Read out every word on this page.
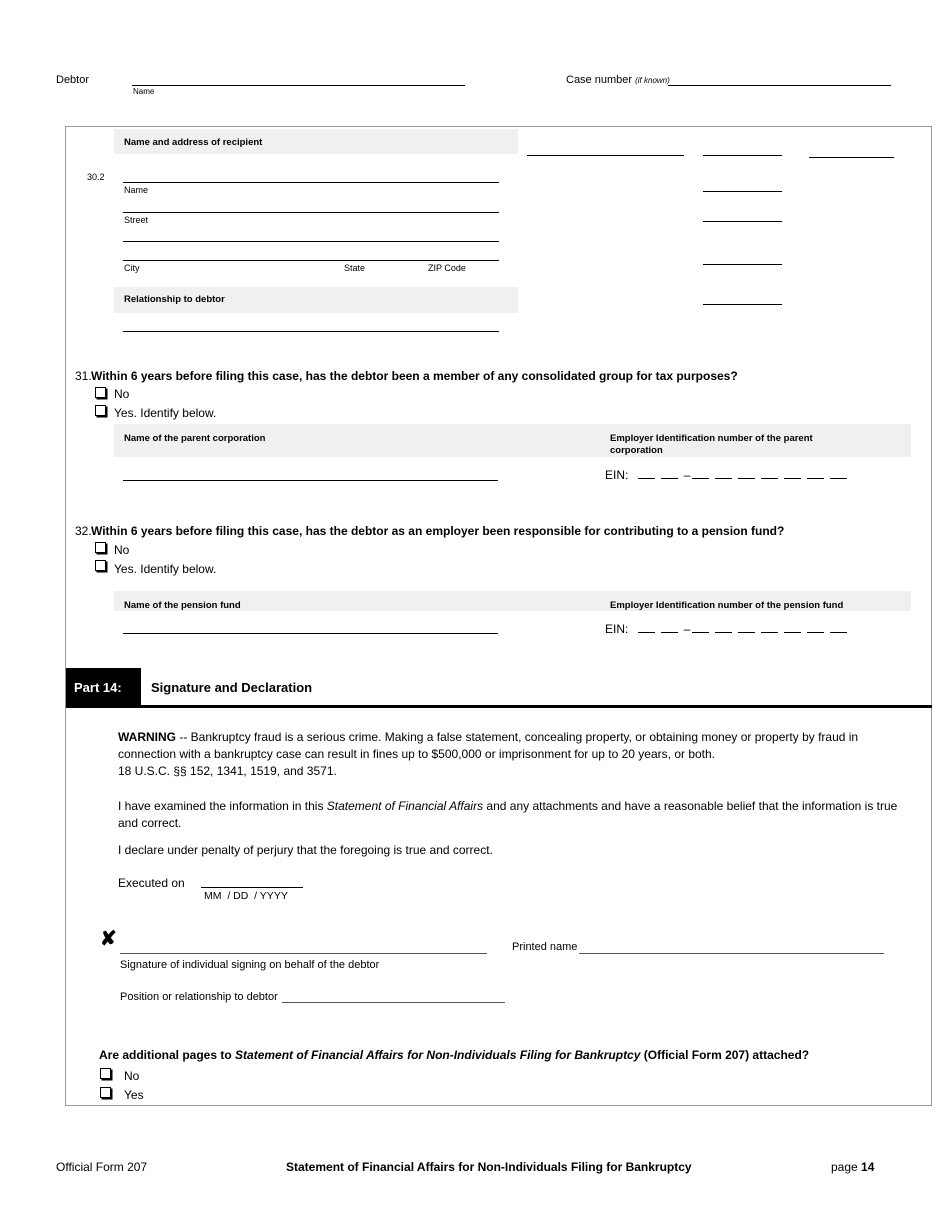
Debtor
Name
Case number (if known)
Name and address of recipient
30.2
Name
Street
City	State	ZIP Code
Relationship to debtor
31. Within 6 years before filing this case, has the debtor been a member of any consolidated group for tax purposes?
No
Yes. Identify below.
Name of the parent corporation	Employer Identification number of the parent corporation
EIN:	–
32. Within 6 years before filing this case, has the debtor as an employer been responsible for contributing to a pension fund?
No
Yes. Identify below.
Name of the pension fund	Employer Identification number of the pension fund
EIN:	–
Part 14: Signature and Declaration
WARNING -- Bankruptcy fraud is a serious crime. Making a false statement, concealing property, or obtaining money or property by fraud in connection with a bankruptcy case can result in fines up to $500,000 or imprisonment for up to 20 years, or both.
18 U.S.C. §§ 152, 1341, 1519, and 3571.
I have examined the information in this Statement of Financial Affairs and any attachments and have a reasonable belief that the information is true and correct.
I declare under penalty of perjury that the foregoing is true and correct.
Executed on
MM  / DD  / YYYY
✘
Signature of individual signing on behalf of the debtor
Printed name
Position or relationship to debtor
Are additional pages to Statement of Financial Affairs for Non-Individuals Filing for Bankruptcy (Official Form 207) attached?
No
Yes
Official Form 207	Statement of Financial Affairs for Non-Individuals Filing for Bankruptcy	page 14
